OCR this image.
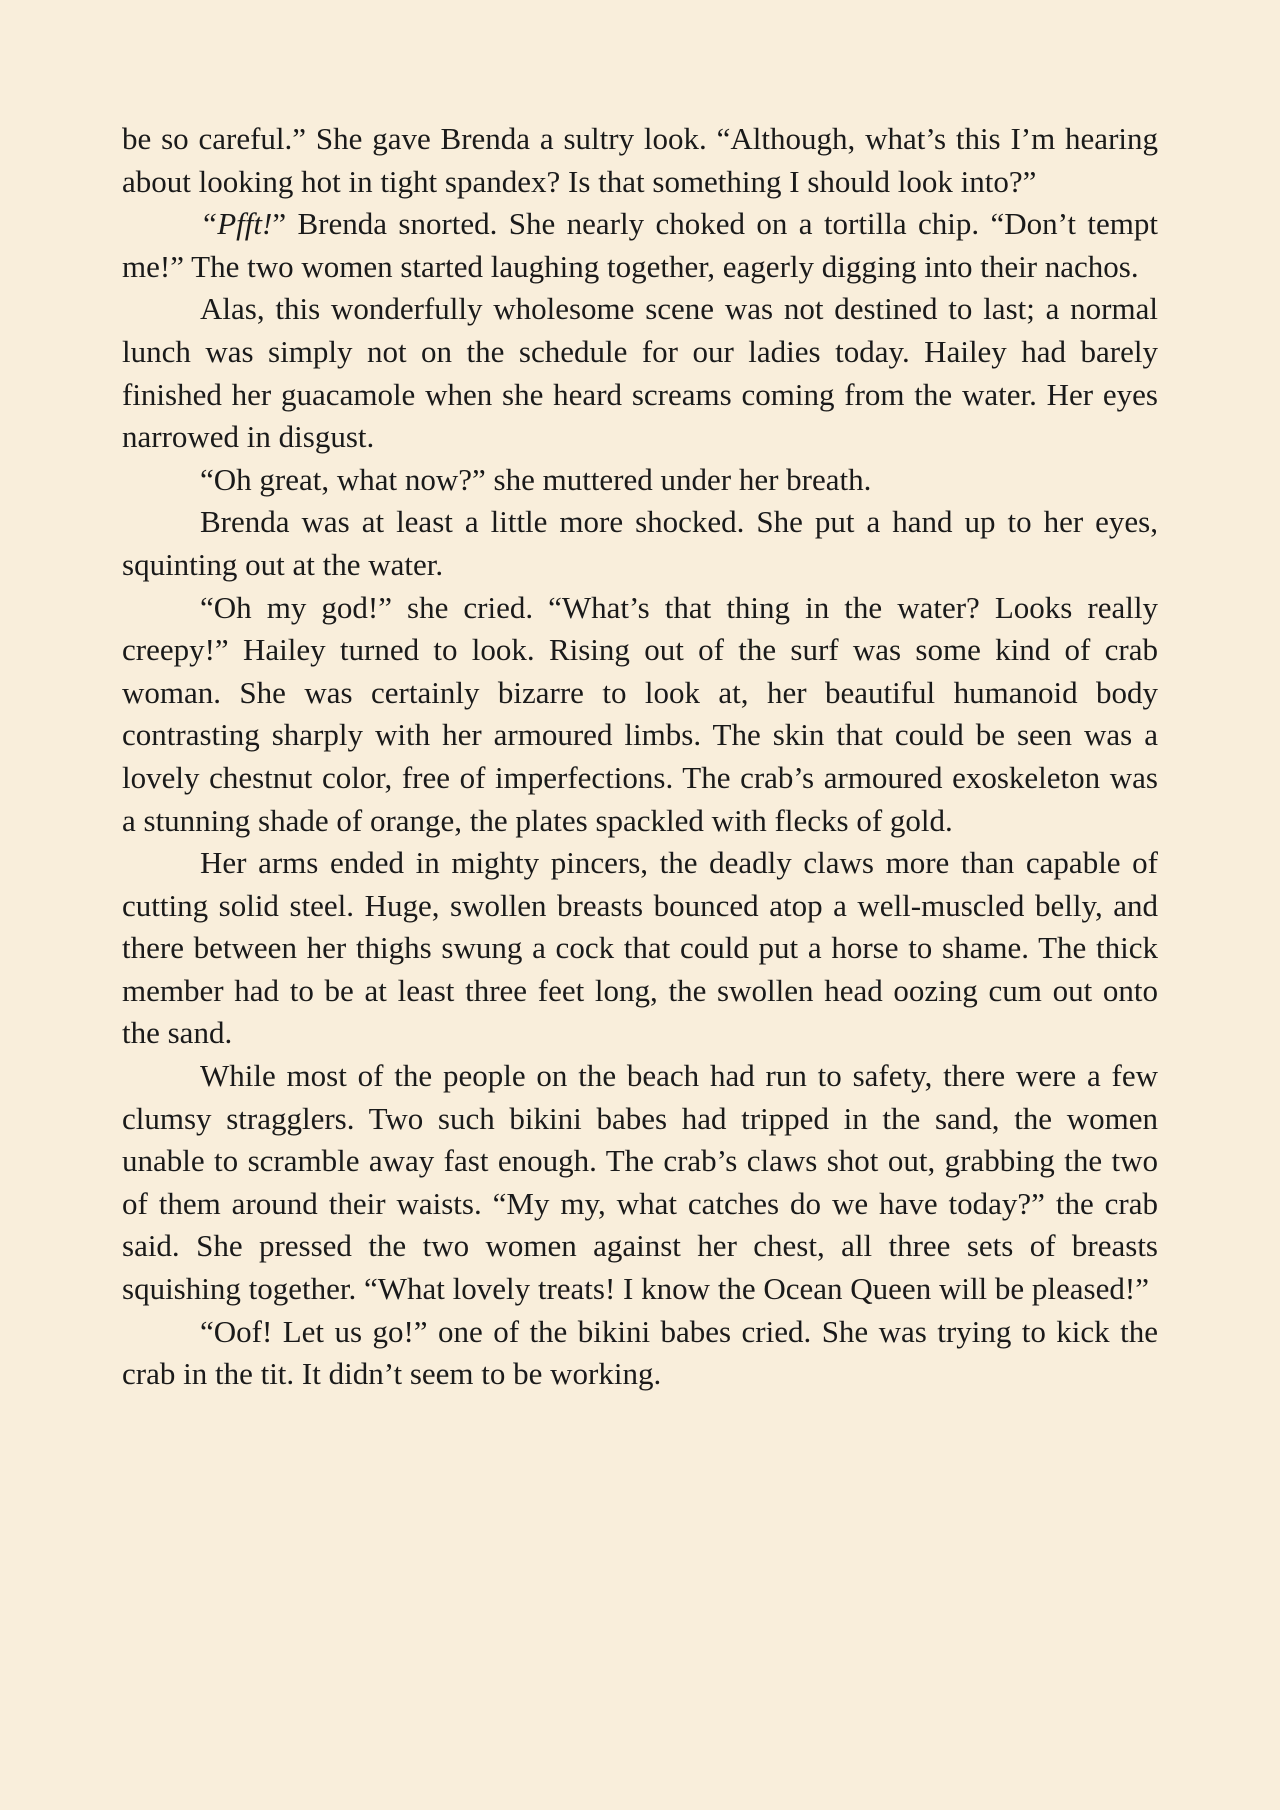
be so careful.” She gave Brenda a sultry look. “Although, what’s this I’m hearing about looking hot in tight spandex? Is that something I should look into?”

“Pfft!” Brenda snorted. She nearly choked on a tortilla chip. “Don’t tempt me!” The two women started laughing together, eagerly digging into their nachos.

Alas, this wonderfully wholesome scene was not destined to last; a normal lunch was simply not on the schedule for our ladies today. Hailey had barely finished her guacamole when she heard screams coming from the water. Her eyes narrowed in disgust.

“Oh great, what now?” she muttered under her breath.

Brenda was at least a little more shocked. She put a hand up to her eyes, squinting out at the water.

“Oh my god!” she cried. “What’s that thing in the water? Looks really creepy!” Hailey turned to look. Rising out of the surf was some kind of crab woman. She was certainly bizarre to look at, her beautiful humanoid body contrasting sharply with her armoured limbs. The skin that could be seen was a lovely chestnut color, free of imperfections. The crab’s armoured exoskeleton was a stunning shade of orange, the plates spackled with flecks of gold.

Her arms ended in mighty pincers, the deadly claws more than capable of cutting solid steel. Huge, swollen breasts bounced atop a well-muscled belly, and there between her thighs swung a cock that could put a horse to shame. The thick member had to be at least three feet long, the swollen head oozing cum out onto the sand.

While most of the people on the beach had run to safety, there were a few clumsy stragglers. Two such bikini babes had tripped in the sand, the women unable to scramble away fast enough. The crab’s claws shot out, grabbing the two of them around their waists. “My my, what catches do we have today?” the crab said. She pressed the two women against her chest, all three sets of breasts squishing together. “What lovely treats! I know the Ocean Queen will be pleased!”

“Oof! Let us go!” one of the bikini babes cried. She was trying to kick the crab in the tit. It didn’t seem to be working.
